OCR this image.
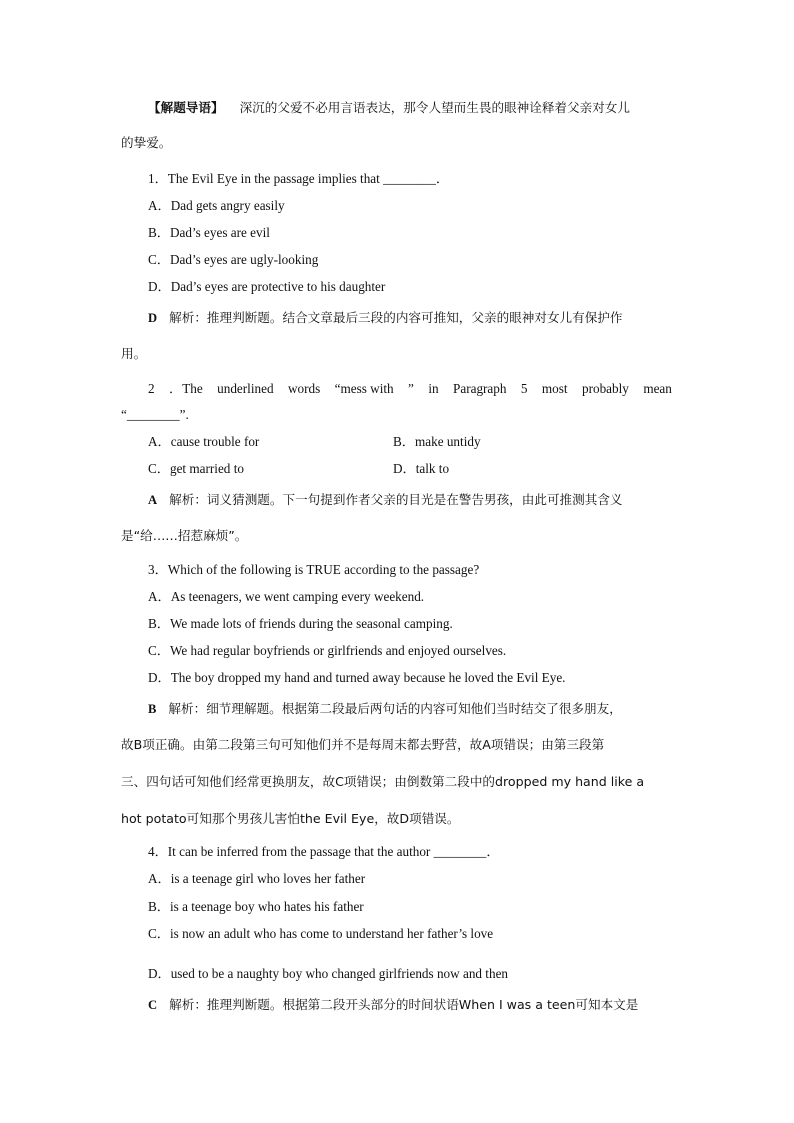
【解题导语】 深沉的父爱不必用言语表达，那令人望而生畏的眼神诠释着父亲对女儿
的挚爱。
1．The Evil Eye in the passage implies that ________．
A．Dad gets angry easily
B．Dad’s eyes are evil
C．Dad’s eyes are ugly-looking
D．Dad’s eyes are protective to his daughter
D 解析：推理判断题。结合文章最后三段的内容可推知，父亲的眼神对女儿有保护作
用。
2 ．The underlined words “mess with ” in Paragraph 5 most probably mean
“________”.
A．cause trouble for	B．make untidy
C．get married to	D．talk to
A 解析：词义猜测题。下一句提到作者父亲的目光是在警告男孩，由此可推测其含义
是“给……招惹麻烦”。
3．Which of the following is TRUE according to the passage?
A．As teenagers, we went camping every weekend.
B．We made lots of friends during the seasonal camping.
C．We had regular boyfriends or girlfriends and enjoyed ourselves.
D．The boy dropped my hand and turned away because he loved the Evil Eye.
B 解析：细节理解题。根据第二段最后两句话的内容可知他们当时结交了很多朋友，
故B项正确。由第二段第三句可知他们并不是每周末都去野营，故A项错误；由第三段第
三、四句话可知他们经常更换朋友，故C项错误；由倒数第二段中的dropped my hand like a
hot potato可知那个男孩儿害怕the Evil Eye，故D项错误。
4．It can be inferred from the passage that the author ________．
A．is a teenage girl who loves her father
B．is a teenage boy who hates his father
C．is now an adult who has come to understand her father’s love
D．used to be a naughty boy who changed girlfriends now and then
C 解析：推理判断题。根据第二段开头部分的时间状语When I was a teen可知本文是
